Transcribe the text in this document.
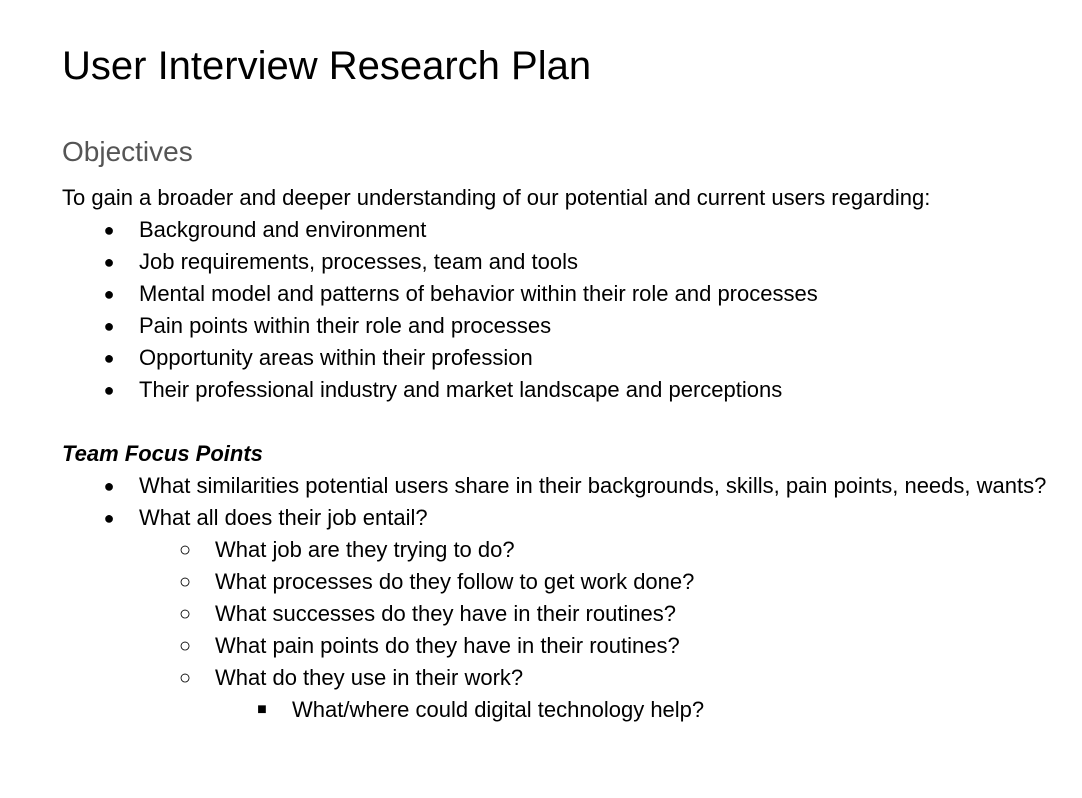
User Interview Research Plan
Objectives

To gain a broader and deeper understanding of our potential and current users regarding:

● Background and environment
● Job requirements, processes, team and tools
● Mental model and patterns of behavior within their role and processes
● Pain points within their role and processes
● Opportunity areas within their profession
● Their professional industry and market landscape and perceptions

Team Focus Points

● What similarities potential users share in their backgrounds, skills, pain points, needs, wants?
● What all does their job entail?
○ What job are they trying to do?
○ What processes do they follow to get work done?
○ What successes do they have in their routines?
○ What pain points do they have in their routines?
○ What do they use in their work?
■ What/where could digital technology help?
